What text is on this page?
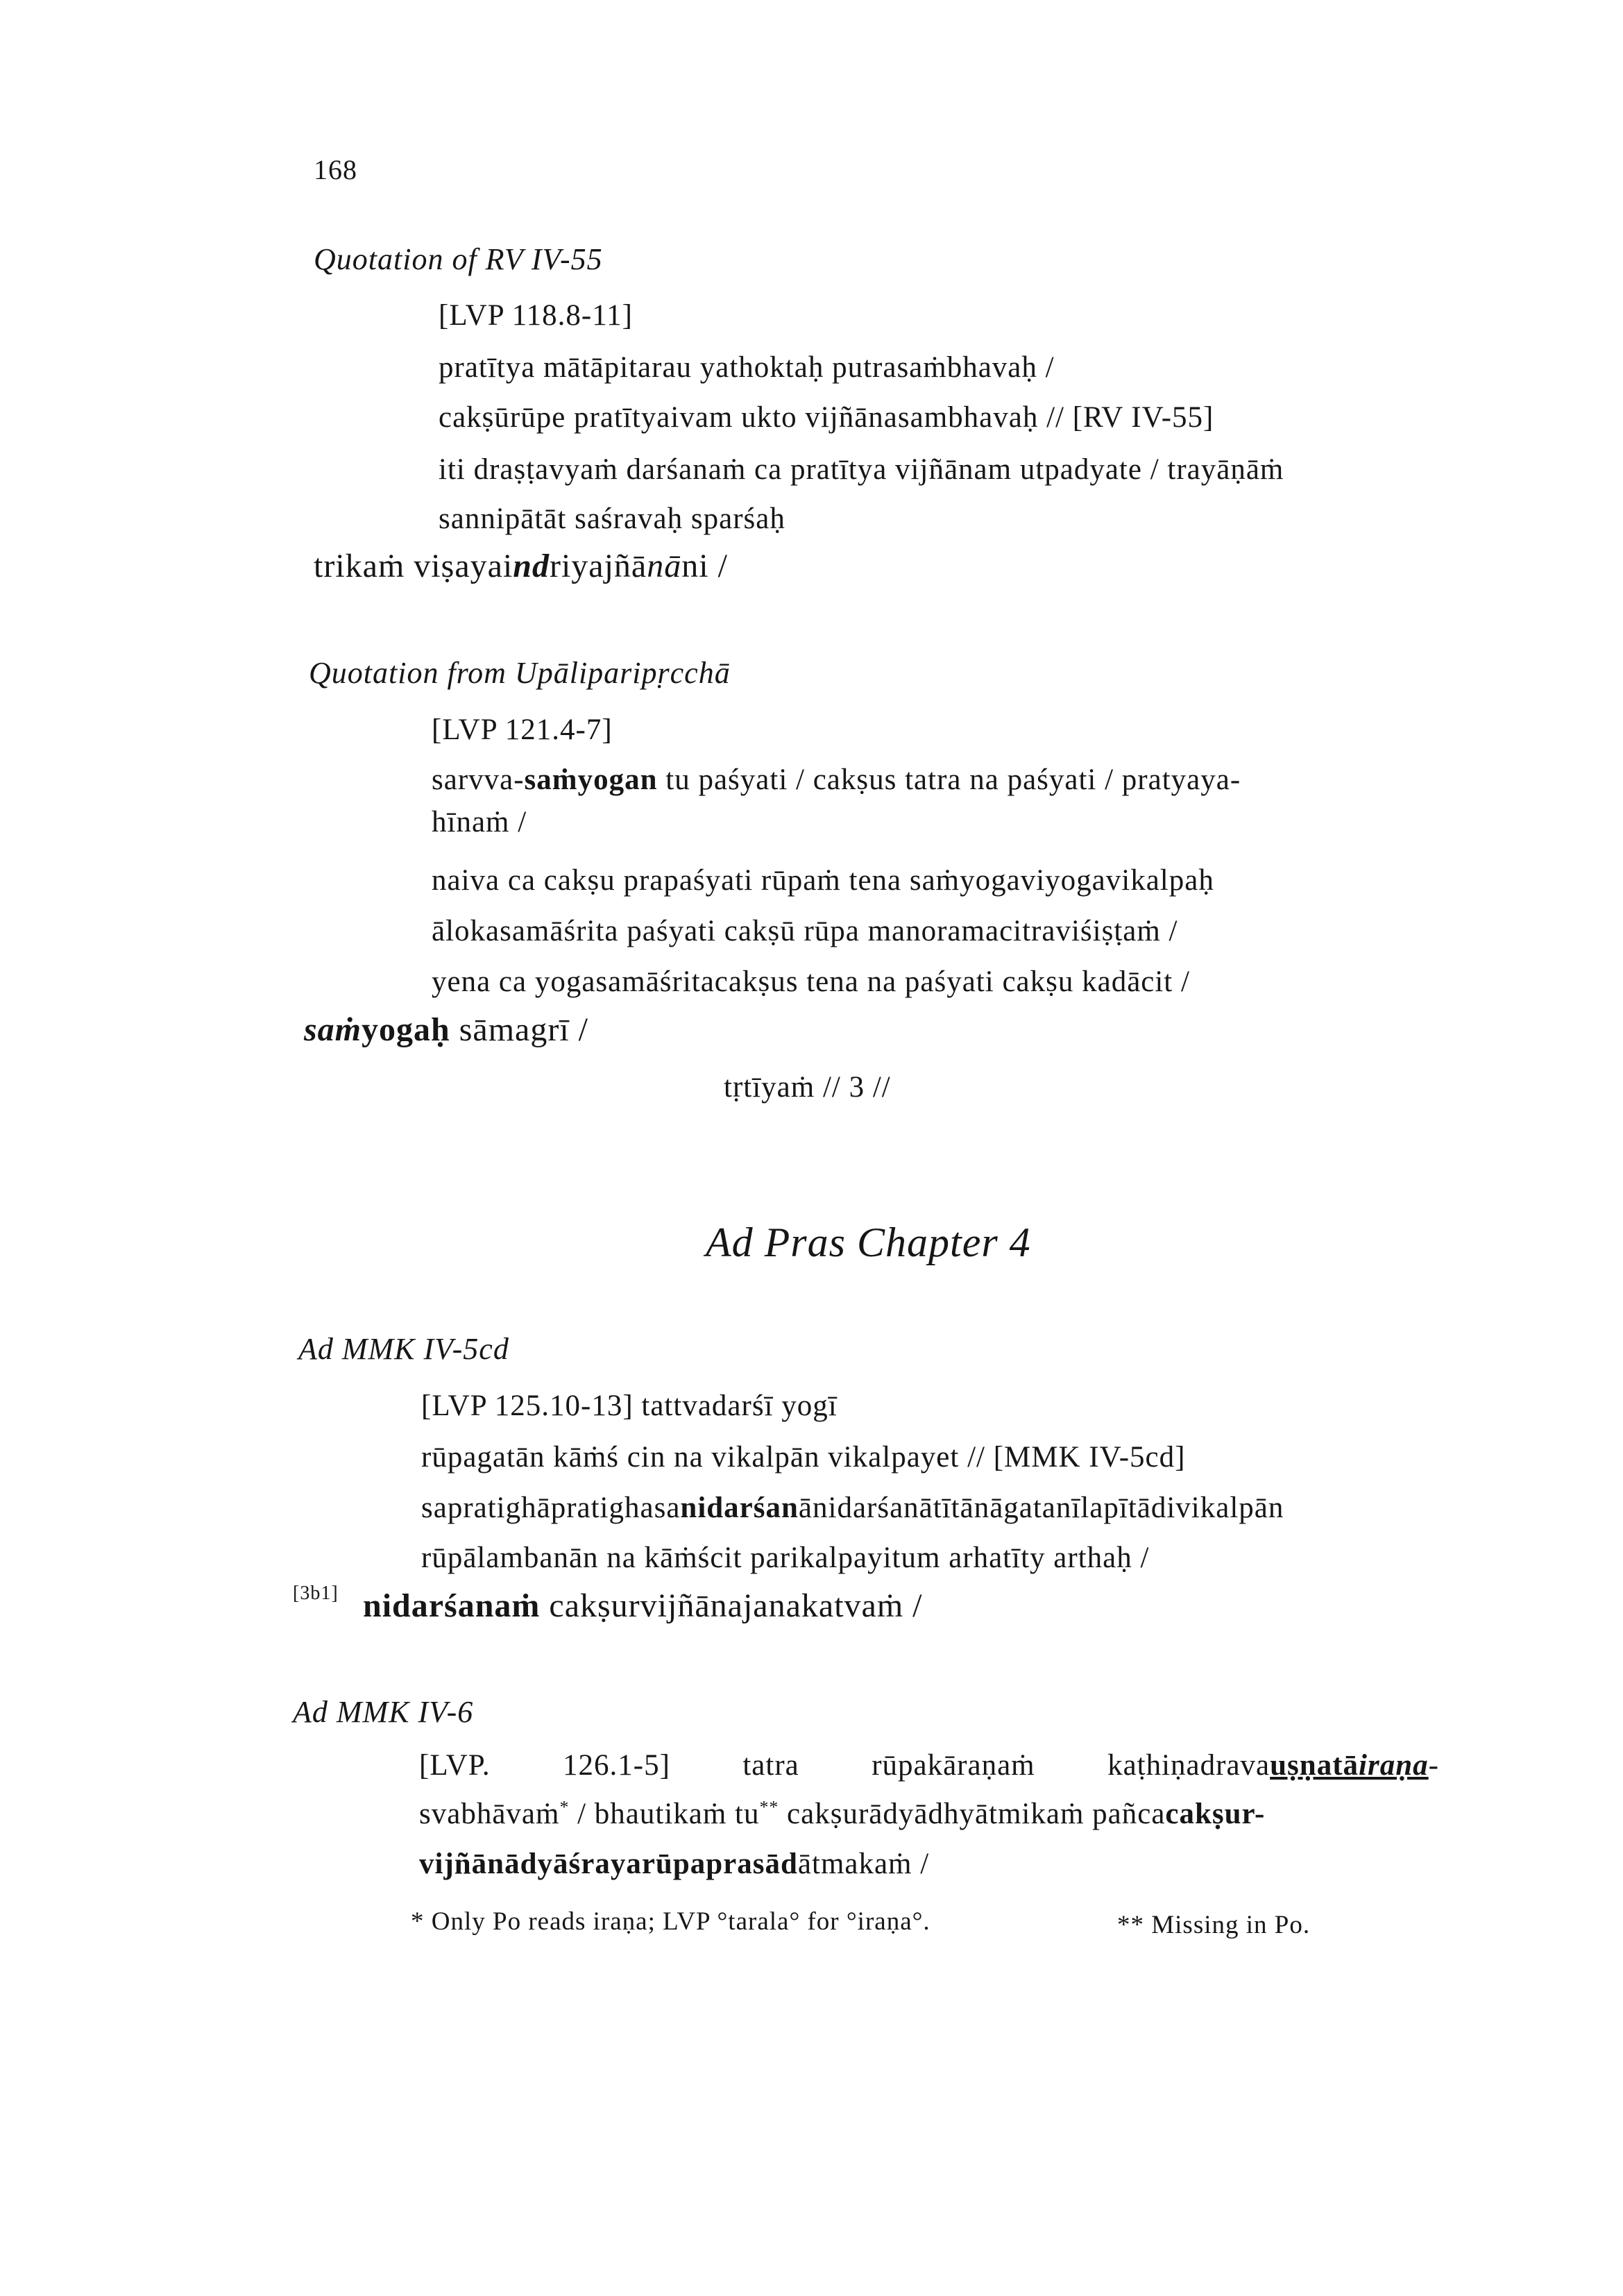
168
Quotation of RV IV-55
[LVP 118.8-11]
pratītya mātāpitarau yathoktaḥ putrasaṁbhavaḥ /
cakṣūrūpe pratītyaivam ukto vijñānasambhavaḥ // [RV IV-55]
iti draṣṭavyaṁ darśanaṁ ca pratītya vijñānam utpadyate / trayāṇāṁ
sannipātāt saśravaḥ sparśaḥ
trikaṁ viṣayaindriyajñānāni /
Quotation from Upāliparipṛcchā
[LVP 121.4-7]
sarvva-saṁyogan tu paśyati / cakṣus tatra na paśyati / pratyaya-
hīnaṁ /
naiva ca cakṣu prapaśyati rūpaṁ tena saṁyogaviyogavikalpaḥ
ālokasamāśrita paśyati cakṣū rūpa manoramacitraviśiṣṭaṁ /
yena ca yogasamāśritacakṣus tena na paśyati cakṣu kadācit /
saṁyogaḥ sāmagrī /
tṛtīyaṁ // 3 //
Ad Pras Chapter 4
Ad MMK IV-5cd
[LVP 125.10-13] tattvadarśī yogī
rūpagatān kāṁś cin na vikalpān vikalpayet // [MMK IV-5cd]
sapratighāpratighasanidarśanānidarśanātītānāgatanīlapītādivikalpān
rūpālambanān na kāṁścit parikalpayitum arhatīty arthaḥ /
[3b1] nidarśanaṁ cakṣurvijñānajanakatvaṁ /
Ad MMK IV-6
[LVP. 126.1-5] tatra rūpakāraṇaṁ kaṭhiṇadravauṣṇatāiraṇa-
svabhāvaṁ* / bhautikaṁ tu** cakṣurādyādhyātmikaṁ pañcacakṣur-
vijñānādyāśrayarūpaprasādātmakaṁ /
* Only Po reads iraṇa; LVP °tarala° for °iraṇa°.	** Missing in Po.
